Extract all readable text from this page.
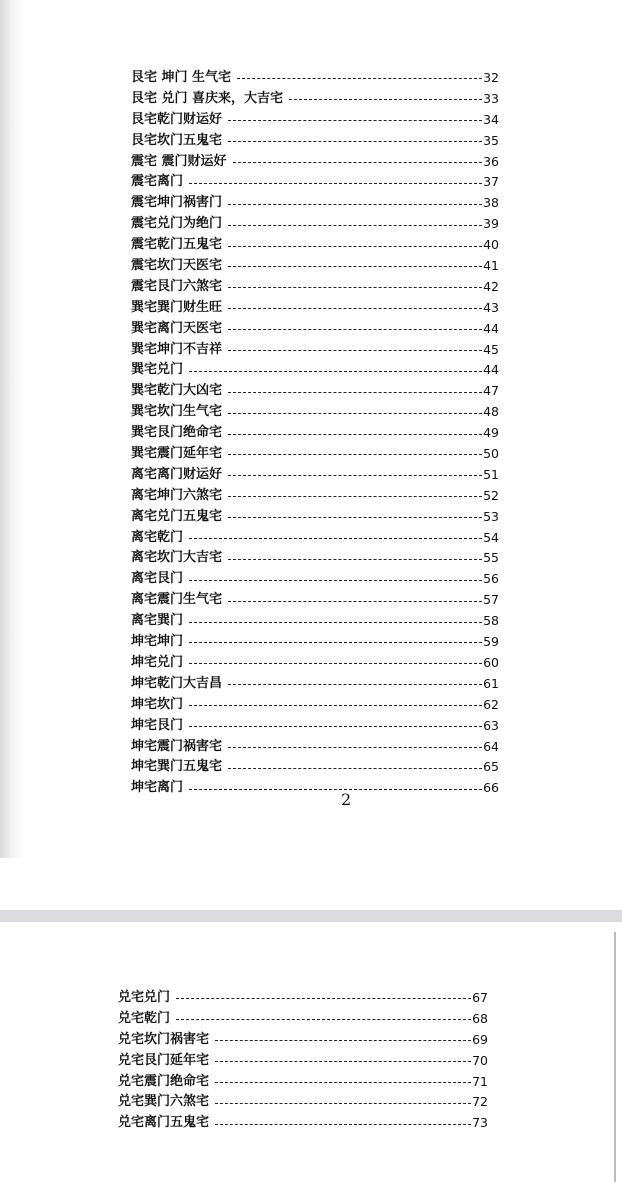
艮宅 坤门 生气宅	32
艮宅 兑门 喜庆来，大吉宅	33
艮宅乾门财运好	34
艮宅坎门五鬼宅	35
震宅 震门财运好	36
震宅离门	37
震宅坤门祸害门	38
震宅兑门为绝门	39
震宅乾门五鬼宅	40
震宅坎门天医宅	41
震宅艮门六煞宅	42
巽宅巽门财生旺	43
巽宅离门天医宅	44
巽宅坤门不吉祥	45
巽宅兑门	44
巽宅乾门大凶宅	47
巽宅坎门生气宅	48
巽宅艮门绝命宅	49
巽宅震门延年宅	50
离宅离门财运好	51
离宅坤门六煞宅	52
离宅兑门五鬼宅	53
离宅乾门	54
离宅坎门大吉宅	55
离宅艮门	56
离宅震门生气宅	57
离宅巽门	58
坤宅坤门	59
坤宅兑门	60
坤宅乾门大吉昌	61
坤宅坎门	62
坤宅艮门	63
坤宅震门祸害宅	64
坤宅巽门五鬼宅	65
坤宅离门	66
2
兑宅兑门	67
兑宅乾门	68
兑宅坎门祸害宅	69
兑宅艮门延年宅	70
兑宅震门绝命宅	71
兑宅巽门六煞宅	72
兑宅离门五鬼宅	73
